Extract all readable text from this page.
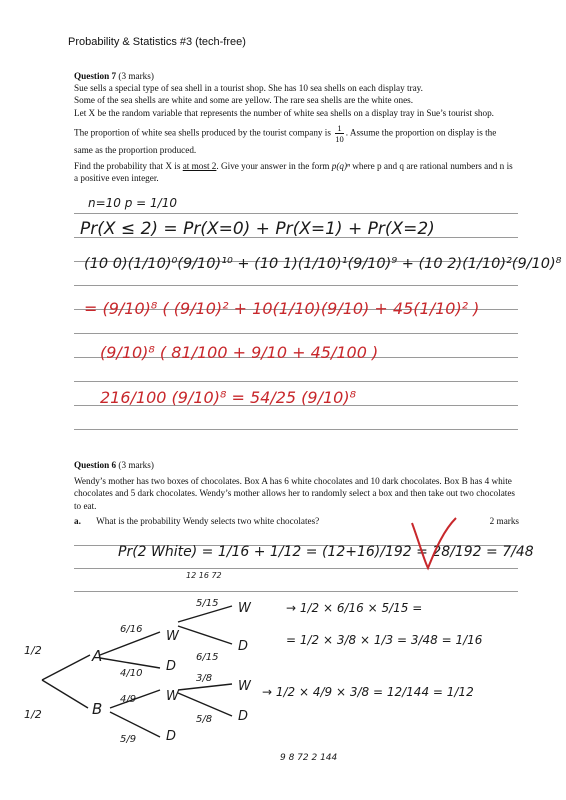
Probability & Statistics #3 (tech-free)
Question 7 (3 marks)
Sue sells a special type of sea shell in a tourist shop. She has 10 sea shells on each display tray.
Some of the sea shells are white and some are yellow. The rare sea shells are the white ones.
Let X be the random variable that represents the number of white sea shells on a display tray in Sue’s tourist shop.
The proportion of white sea shells produced by the tourist company is $\frac{1}{10}$ . Assume the proportion on display is the same as the proportion produced.
Find the probability that X is at most 2. Give your answer in the form p(q)ⁿ where p and q are rational numbers and n is a positive even integer.
Question 6 (3 marks)
Wendy’s mother has two boxes of chocolates. Box A has 6 white chocolates and 10 dark chocolates. Box B has 4 white chocolates and 5 dark chocolates. Wendy’s mother allows her to randomly select a box and then take out two chocolates to eat.
a. What is the probability Wendy selects two white chocolates?	2 marks
n=10 p = 1/10
Pr(X ≤ 2) = Pr(X=0) + Pr(X=1) + Pr(X=2)
(10 0)(1/10)⁰(9/10)¹⁰ + (10 1)(1/10)¹(9/10)⁹ + (10 2)(1/10)²(9/10)⁸
= (9/10)⁸ ( (9/10)² + 10(1/10)(9/10) + 45(1/10)² )
(9/10)⁸ ( 81/100 + 9/10 + 45/100 )
216/100 (9/10)⁸ = 54/25 (9/10)⁸
Pr(2 White) = 1/16 + 1/12 = (12+16)/192 = 28/192 = 7/48
12 16 72
1/2
1/2
A
B
6/16
4/10
4/9
5/9
W
D
W
D
5/15
6/15
3/8
5/8
W
D
W
D
→ 1/2 × 6/16 × 5/15 =
= 1/2 × 3/8 × 1/3 = 3/48 = 1/16
→ 1/2 × 4/9 × 3/8 = 12/144 = 1/12
9 8 72 2 144
